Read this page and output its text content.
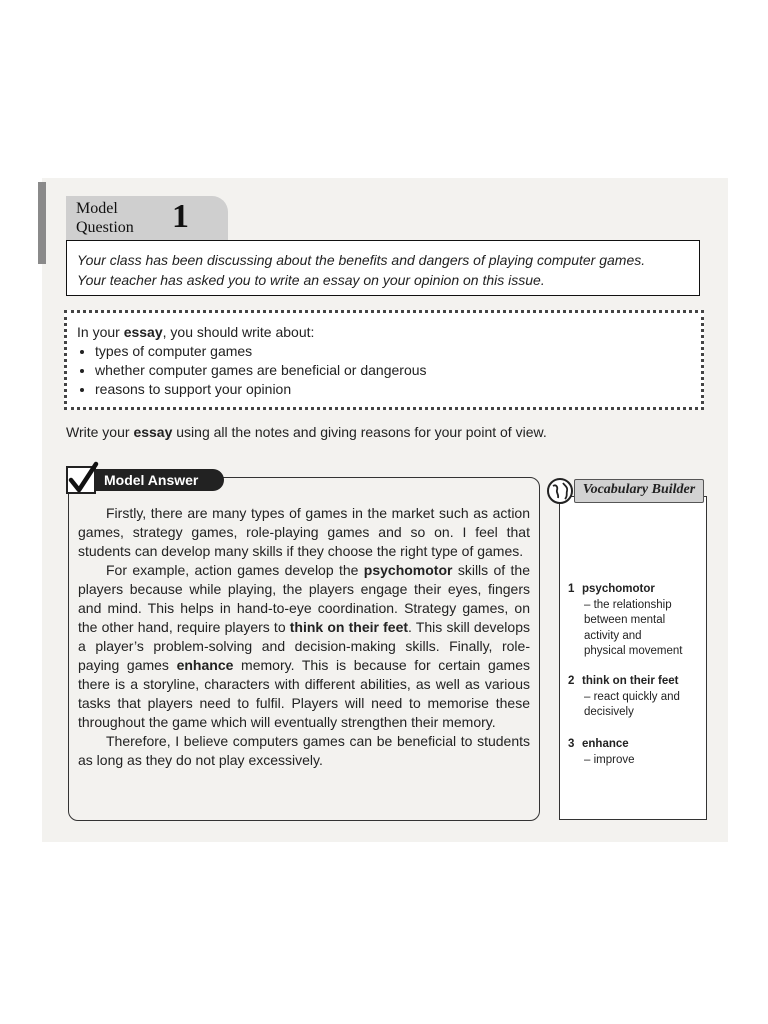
Model
Question 1
Your class has been discussing about the benefits and dangers of playing computer games.
Your teacher has asked you to write an essay on your opinion on this issue.
In your essay, you should write about:
• types of computer games
• whether computer games are beneficial or dangerous
• reasons to support your opinion
Write your essay using all the notes and giving reasons for your point of view.
Model Answer

Firstly, there are many types of games in the market such as action games, strategy games, role-playing games and so on. I feel that students can develop many skills if they choose the right type of games.

For example, action games develop the psychomotor skills of the players because while playing, the players engage their eyes, fingers and mind. This helps in hand-to-eye coordination. Strategy games, on the other hand, require players to think on their feet. This skill develops a player’s problem-solving and decision-making skills. Finally, role-paying games enhance memory. This is because for certain games there is a storyline, characters with different abilities, as well as various tasks that players need to fulfil. Players will need to memorise these throughout the game which will eventually strengthen their memory.

Therefore, I believe computers games can be beneficial to students as long as they do not play excessively.

Vocabulary Builder
1 psychomotor
– the relationship
between mental
activity and
physical movement
2 think on their feet
– react quickly and
decisively
3 enhance
– improve
